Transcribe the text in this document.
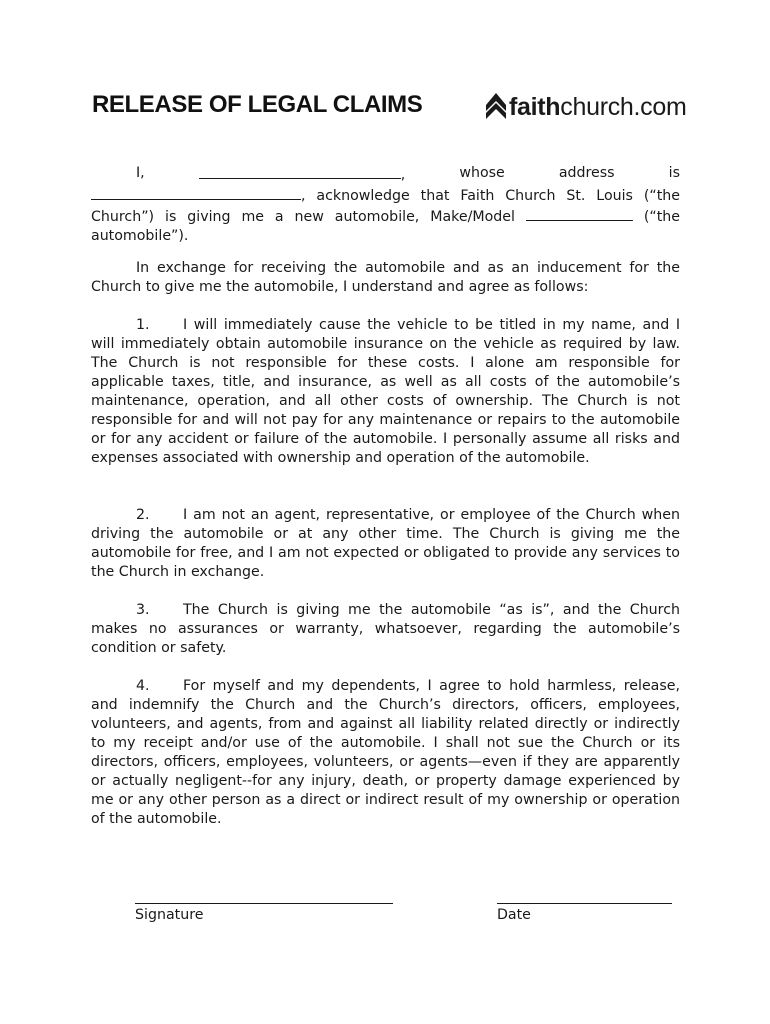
RELEASE OF LEGAL CLAIMS	faith church.com
I,	,	whose	address	is

, acknowledge that Faith Church St. Louis (“the Church”) is giving me a new automobile, Make/Model	(“the automobile”).

In exchange for receiving the automobile and as an inducement for the Church to give me the automobile, I understand and agree as follows:

1. I will immediately cause the vehicle to be titled in my name, and I will immediately obtain automobile insurance on the vehicle as required by law. The Church is not responsible for these costs. I alone am responsible for applicable taxes, title, and insurance, as well as all costs of the automobile’s maintenance, operation, and all other costs of ownership. The Church is not responsible for and will not pay for any maintenance or repairs to the automobile or for any accident or failure of the automobile. I personally assume all risks and expenses associated with ownership and operation of the automobile.

2. I am not an agent, representative, or employee of the Church when driving the automobile or at any other time. The Church is giving me the automobile for free, and I am not expected or obligated to provide any services to the Church in exchange.

3. The Church is giving me the automobile “as is”, and the Church makes no assurances or warranty, whatsoever, regarding the automobile’s condition or safety.

4. For myself and my dependents, I agree to hold harmless, release, and indemnify the Church and the Church’s directors, officers, employees, volunteers, and agents, from and against all liability related directly or indirectly to my receipt and/or use of the automobile. I shall not sue the Church or its directors, officers, employees, volunteers, or agents—even if they are apparently or actually negligent--for any injury, death, or property damage experienced by me or any other person as a direct or indirect result of my ownership or operation of the automobile.

Signature	Date
